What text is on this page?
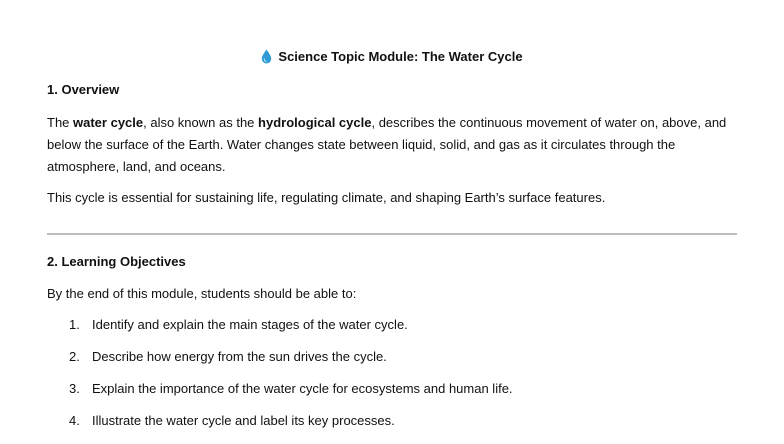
Science Topic Module: The Water Cycle
1. Overview
The water cycle, also known as the hydrological cycle, describes the continuous movement of water on, above, and below the surface of the Earth. Water changes state between liquid, solid, and gas as it circulates through the atmosphere, land, and oceans.
This cycle is essential for sustaining life, regulating climate, and shaping Earth’s surface features.
2. Learning Objectives
By the end of this module, students should be able to:
1. Identify and explain the main stages of the water cycle.
2. Describe how energy from the sun drives the cycle.
3. Explain the importance of the water cycle for ecosystems and human life.
4. Illustrate the water cycle and label its key processes.
